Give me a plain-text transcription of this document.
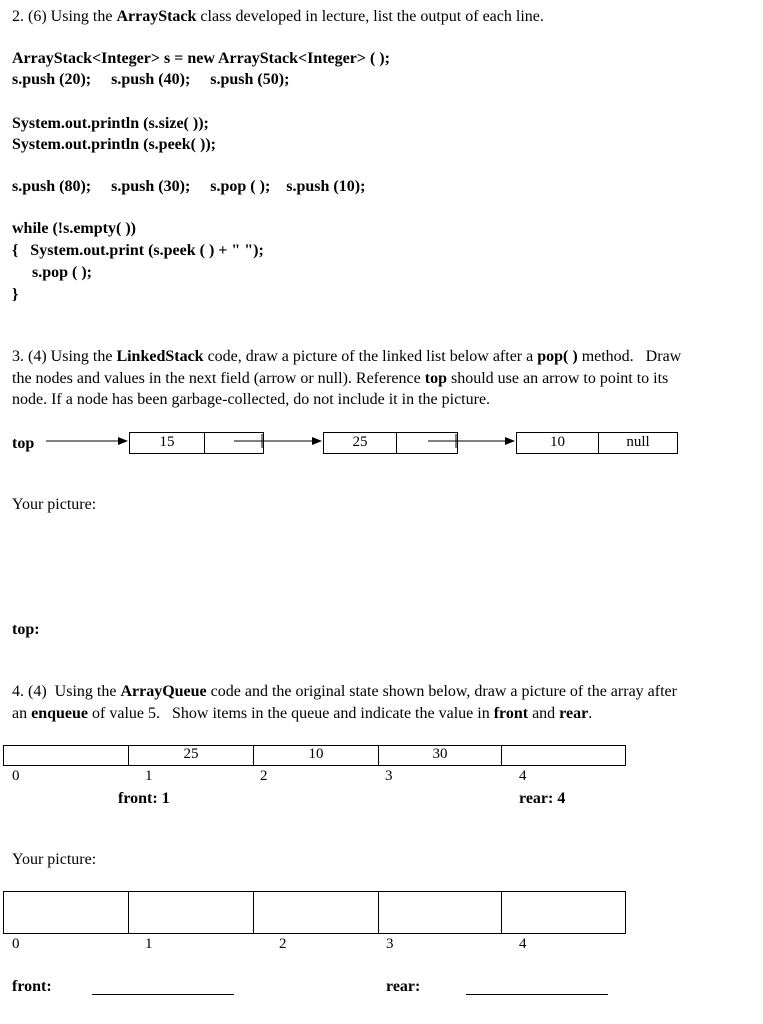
2. (6) Using the ArrayStack class developed in lecture, list the output of each line.
ArrayStack<Integer> s = new ArrayStack<Integer> ( );
s.push (20);     s.push (40);     s.push (50);
System.out.println (s.size( ));
System.out.println (s.peek( ));
s.push (80);     s.push (30);     s.pop ( );    s.push (10);
while (!s.empty( ))
{   System.out.print (s.peek ( ) + " ");
s.pop ( );
}
3. (4) Using the LinkedStack code, draw a picture of the linked list below after a pop( ) method.   Draw
the nodes and values in the next field (arrow or null). Reference top should use an arrow to point to its
node. If a node has been garbage-collected, do not include it in the picture.
top	15	25	10	null
Your picture:
top:
4. (4)  Using the ArrayQueue code and the original state shown below, draw a picture of the array after
an enqueue of value 5.   Show items in the queue and indicate the value in front and rear.
25	10	30
0	1	2	3	4
front: 1	rear: 4
Your picture:
0	1	2	3	4
front:	rear:
